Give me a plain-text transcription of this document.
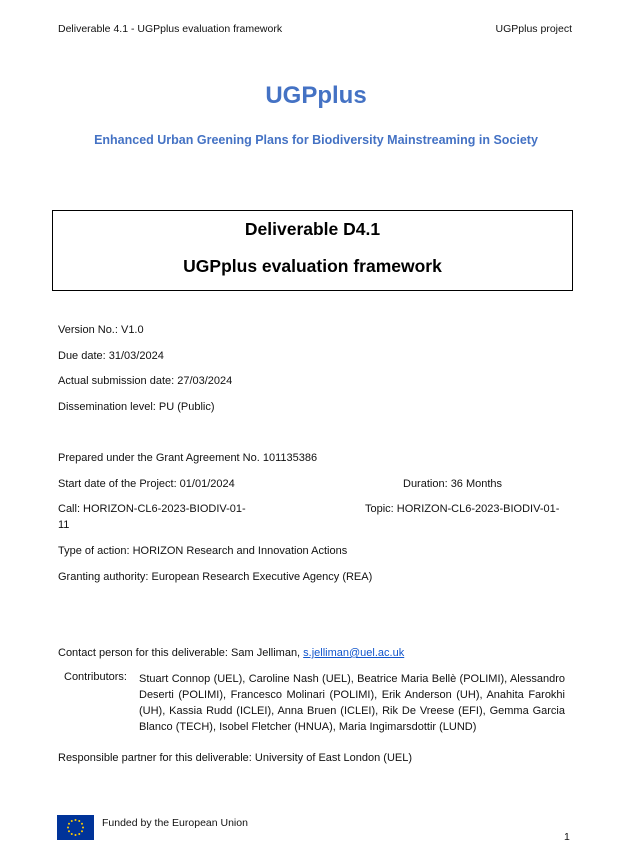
Deliverable 4.1 - UGPplus evaluation framework	UGPplus project
UGPplus
Enhanced Urban Greening Plans for Biodiversity Mainstreaming in Society
Deliverable D4.1
UGPplus evaluation framework
Version No.: V1.0
Due date: 31/03/2024
Actual submission date: 27/03/2024
Dissemination level: PU (Public)
Prepared under the Grant Agreement No. 101135386
Start date of the Project: 01/01/2024	Duration: 36 Months
Call: HORIZON-CL6-2023-BIODIV-01-
11
Topic: HORIZON-CL6-2023-BIODIV-01-
Type of action: HORIZON Research and Innovation Actions
Granting authority: European Research Executive Agency (REA)
Contact person for this deliverable: Sam Jelliman, s.jelliman@uel.ac.uk
Contributors: Stuart Connop (UEL), Caroline Nash (UEL), Beatrice Maria Bellè (POLIMI), Alessandro Deserti (POLIMI), Francesco Molinari (POLIMI), Erik Anderson (UH), Anahita Farokhi (UH), Kassia Rudd (ICLEI), Anna Bruen (ICLEI), Rik De Vreese (EFI), Gemma Garcia Blanco (TECH), Isobel Fletcher (HNUA), Maria Ingimarsdottir (LUND)
Responsible partner for this deliverable: University of East London (UEL)
Funded by the European Union
1
